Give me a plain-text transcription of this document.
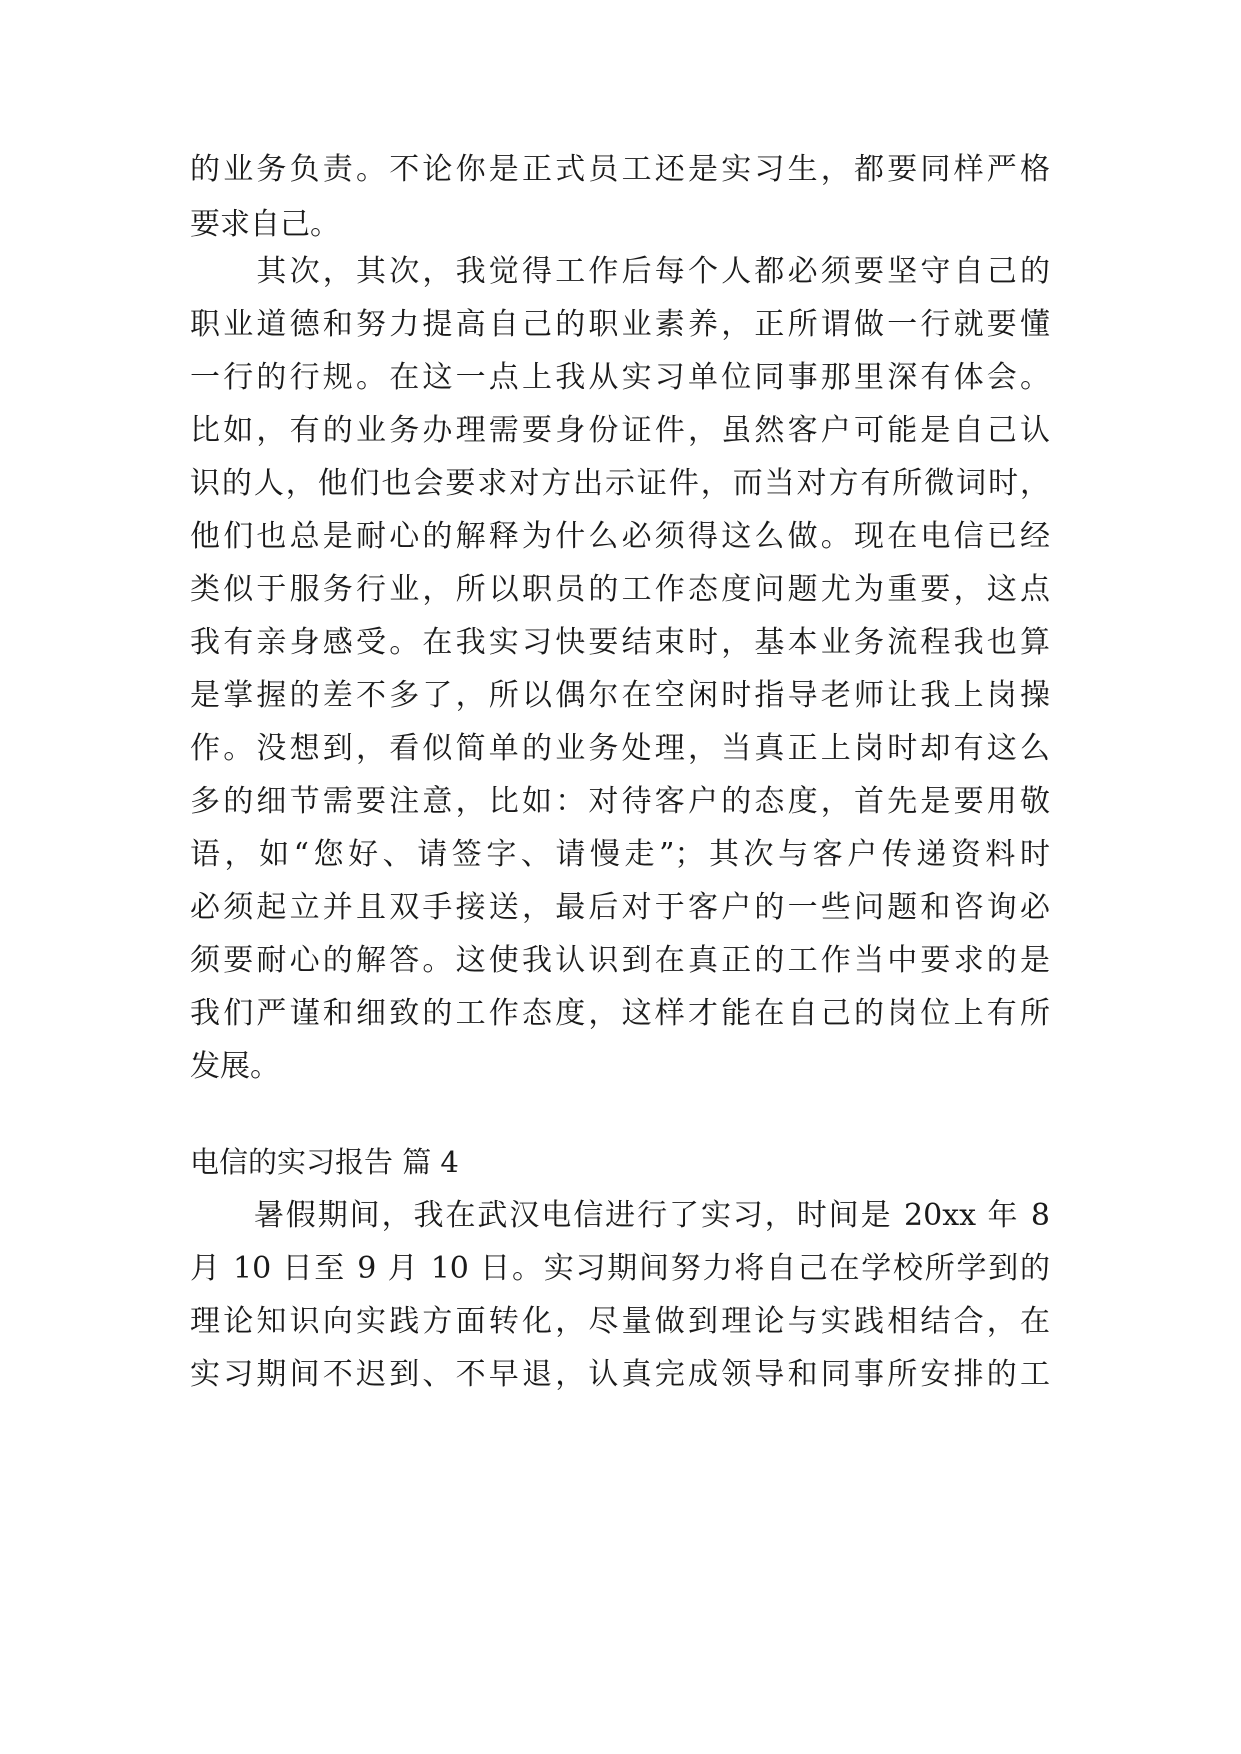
的业务负责。不论你是正式员工还是实习生，都要同样严格
要求自己。
　　其次，其次，我觉得工作后每个人都必须要坚守自己的
职业道德和努力提高自己的职业素养，正所谓做一行就要懂
一行的行规。在这一点上我从实习单位同事那里深有体会。
比如，有的业务办理需要身份证件，虽然客户可能是自己认
识的人，他们也会要求对方出示证件，而当对方有所微词时，
他们也总是耐心的解释为什么必须得这么做。现在电信已经
类似于服务行业，所以职员的工作态度问题尤为重要，这点
我有亲身感受。在我实习快要结束时，基本业务流程我也算
是掌握的差不多了，所以偶尔在空闲时指导老师让我上岗操
作。没想到，看似简单的业务处理，当真正上岗时却有这么
多的细节需要注意，比如：对待客户的态度，首先是要用敬
语，如“您好、请签字、请慢走”；其次与客户传递资料时
必须起立并且双手接送，最后对于客户的一些问题和咨询必
须要耐心的解答。这使我认识到在真正的工作当中要求的是
我们严谨和细致的工作态度，这样才能在自己的岗位上有所
发展。
电信的实习报告 篇 4
　　暑假期间，我在武汉电信进行了实习，时间是 20xx 年 8
月 10 日至 9 月 10 日。实习期间努力将自己在学校所学到的
理论知识向实践方面转化，尽量做到理论与实践相结合，在
实习期间不迟到、不早退，认真完成领导和同事所安排的工
